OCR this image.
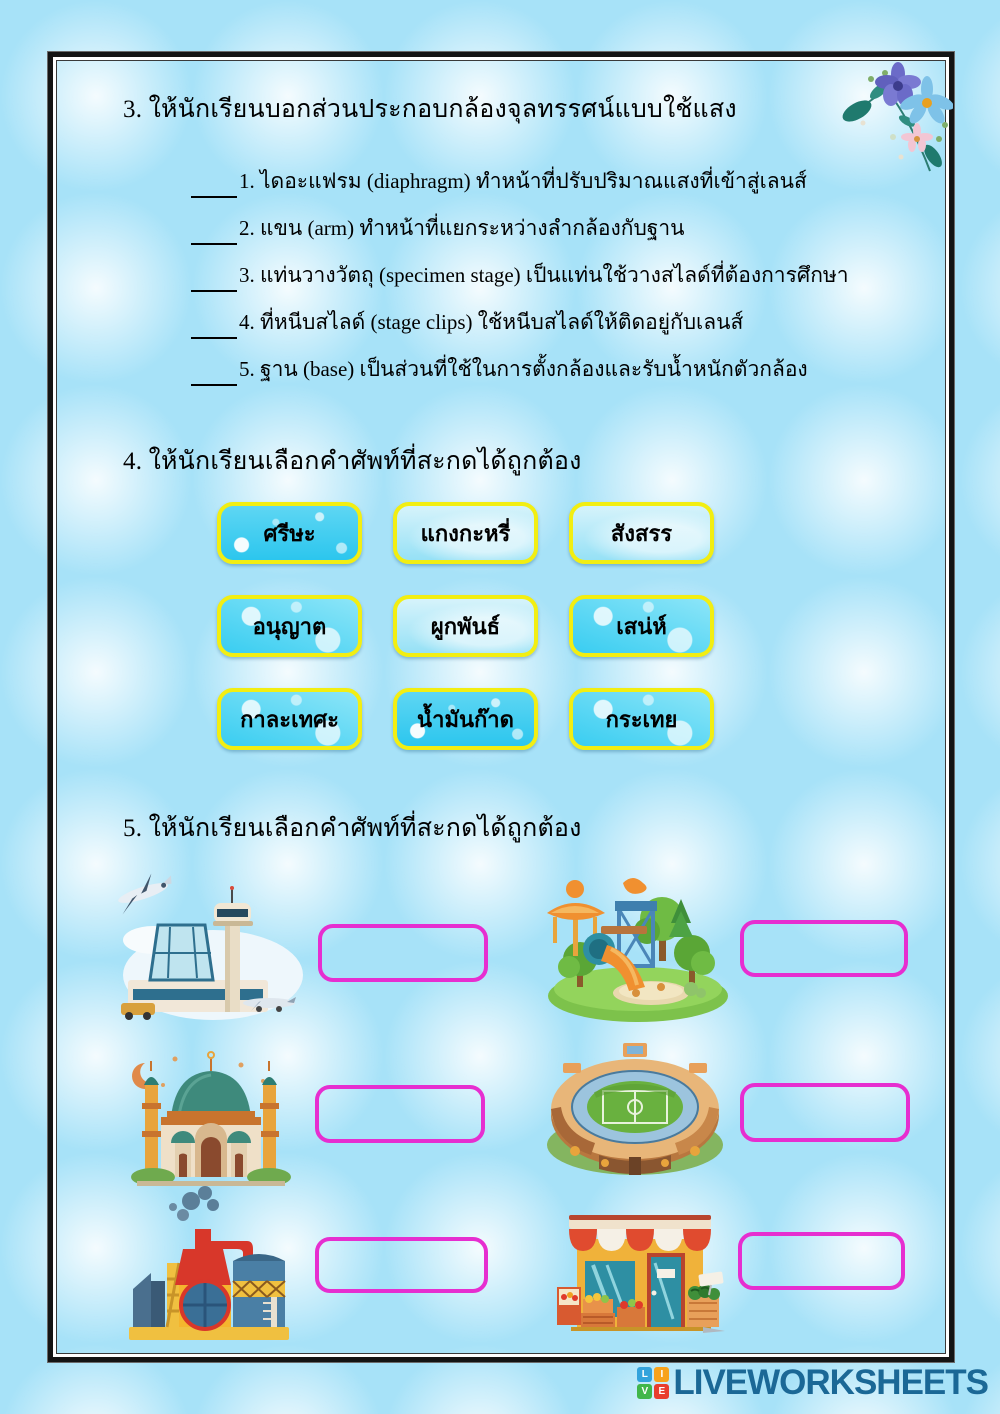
3. ให้นักเรียนบอกส่วนประกอบกล้องจุลทรรศน์แบบใช้แสง
1. ไดอะแฟรม (diaphragm) ทำหน้าที่ปรับปริมาณแสงที่เข้าสู่เลนส์
2. แขน (arm) ทำหน้าที่แยกระหว่างลำกล้องกับฐาน
3. แท่นวางวัตถุ (specimen stage) เป็นแท่นใช้วางสไลด์ที่ต้องการศึกษา
4. ที่หนีบสไลด์ (stage clips) ใช้หนีบสไลด์ให้ติดอยู่กับเลนส์
5. ฐาน (base) เป็นส่วนที่ใช้ในการตั้งกล้องและรับน้ำหนักตัวกล้อง
4. ให้นักเรียนเลือกคำศัพท์ที่สะกดได้ถูกต้อง
ศรีษะ	แกงกะหรี่	สังสรร
อนุญาต	ผูกพันธ์	เสน่ห์
กาละเทศะ	น้ำมันก๊าด	กระเทย
5. ให้นักเรียนเลือกคำศัพท์ที่สะกดได้ถูกต้อง
L	I
V	E LIVEWORKSHEETS
